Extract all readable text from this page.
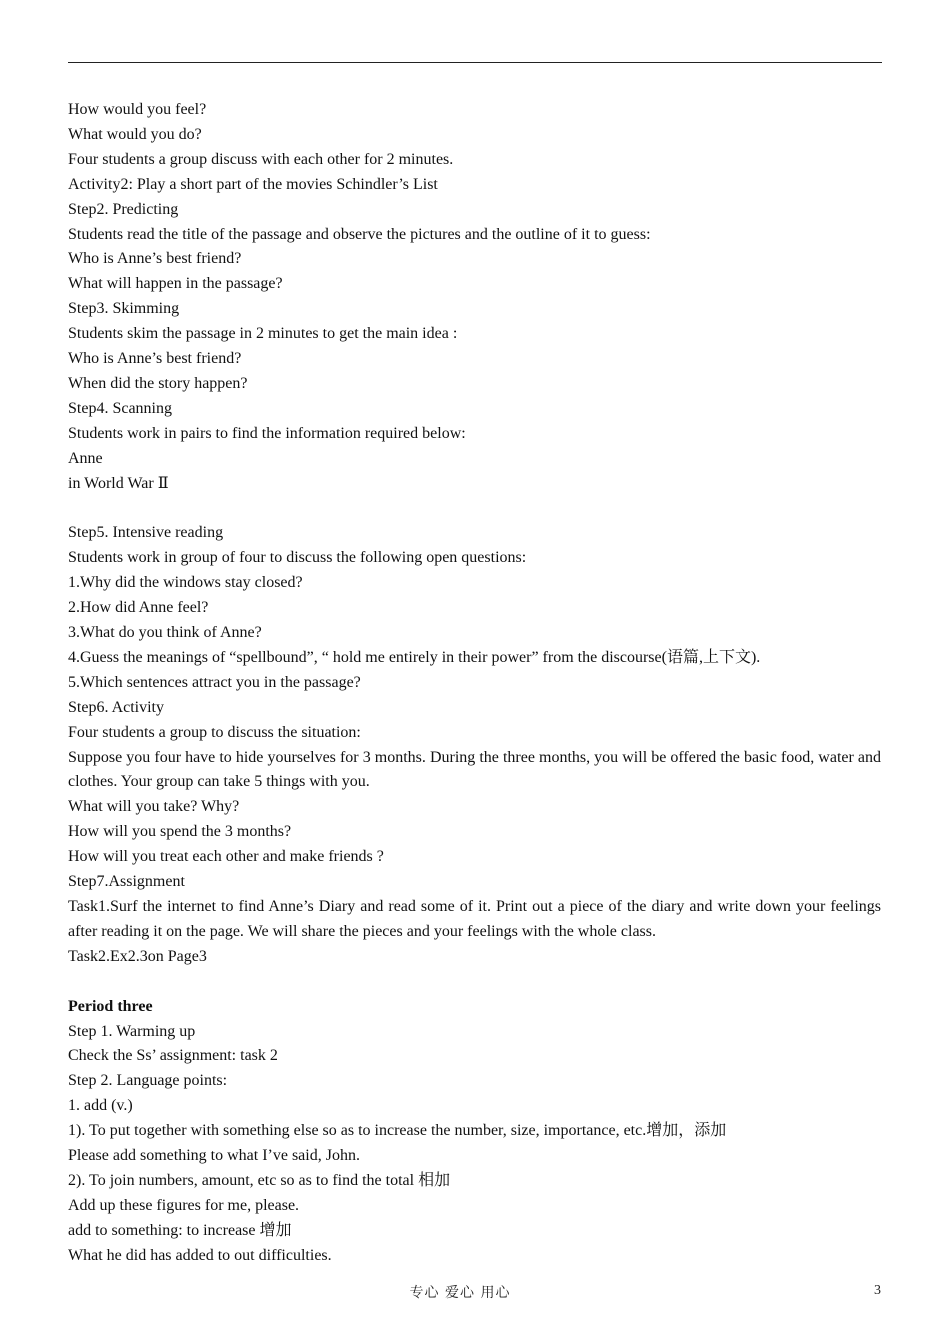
How would you feel?
What would you do?
Four students a group discuss with each other for 2 minutes.
Activity2: Play a short part of the movies Schindler’s List
Step2. Predicting
Students read the title of the passage and observe the pictures and the outline of it to guess:
Who is Anne’s best friend?
What will happen in the passage?
Step3. Skimming
Students skim the passage in 2 minutes to get the main idea :
Who is Anne’s best friend?
When did the story happen?
Step4. Scanning
Students work in pairs to find the information required below:
Anne
in World War Ⅱ
Step5. Intensive reading
Students work in group of four to discuss the following open questions:
1.Why did the windows stay closed?
2.How did Anne feel?
3.What do you think of Anne?
4.Guess the meanings of “spellbound”, “ hold me entirely in their power” from the discourse(语篇,上下文).
5.Which sentences attract you in the passage?
Step6. Activity
Four students a group to discuss the situation:
Suppose you four have to hide yourselves for 3 months. During the three months, you will be offered the basic food, water and clothes. Your group can take 5 things with you.
What will you take? Why?
How will you spend the 3 months?
How will you treat each other and make friends ?
Step7.Assignment
Task1.Surf the internet to find Anne’s Diary and read some of it. Print out a piece of the diary and write down your feelings after reading it on the page. We will share the pieces and your feelings with the whole class.
Task2.Ex2.3on Page3
Period three
Step 1. Warming up
Check the Ss’ assignment: task 2
Step 2. Language points:
1. add (v.)
1). To put together with something else so as to increase the number, size, importance, etc.增加，添加
Please add something to what I’ve said, John.
2). To join numbers, amount, etc so as to find the total 相加
Add up these figures for me, please.
add to something: to increase 增加
What he did has added to out difficulties.
专心 爱心 用心	3
